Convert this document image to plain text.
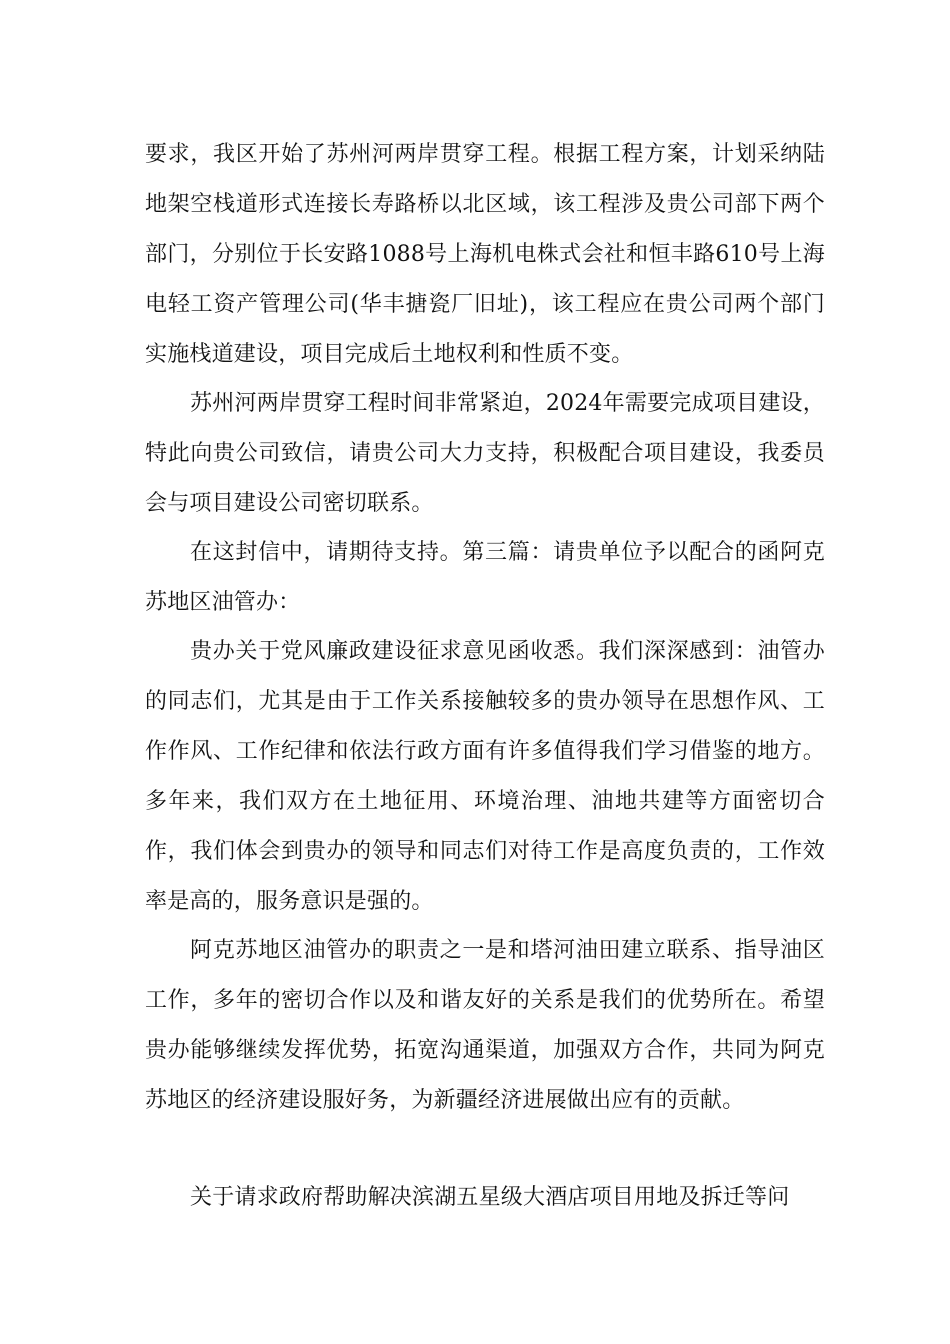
要求，我区开始了苏州河两岸贯穿工程。根据工程方案，计划采纳陆地架空栈道形式连接长寿路桥以北区域，该工程涉及贵公司部下两个部门，分别位于长安路1088号上海机电株式会社和恒丰路610号上海电轻工资产管理公司(华丰搪瓷厂旧址)，该工程应在贵公司两个部门实施栈道建设，项目完成后土地权利和性质不变。

苏州河两岸贯穿工程时间非常紧迫，2024年需要完成项目建设，特此向贵公司致信，请贵公司大力支持，积极配合项目建设，我委员会与项目建设公司密切联系。

在这封信中，请期待支持。第三篇：请贵单位予以配合的函阿克苏地区油管办：

贵办关于党风廉政建设征求意见函收悉。我们深深感到：油管办的同志们，尤其是由于工作关系接触较多的贵办领导在思想作风、工作作风、工作纪律和依法行政方面有许多值得我们学习借鉴的地方。多年来，我们双方在土地征用、环境治理、油地共建等方面密切合作，我们体会到贵办的领导和同志们对待工作是高度负责的，工作效率是高的，服务意识是强的。

阿克苏地区油管办的职责之一是和塔河油田建立联系、指导油区工作，多年的密切合作以及和谐友好的关系是我们的优势所在。希望贵办能够继续发挥优势，拓宽沟通渠道，加强双方合作，共同为阿克苏地区的经济建设服好务，为新疆经济进展做出应有的贡献。

关于请求政府帮助解决滨湖五星级大酒店项目用地及拆迁等问
